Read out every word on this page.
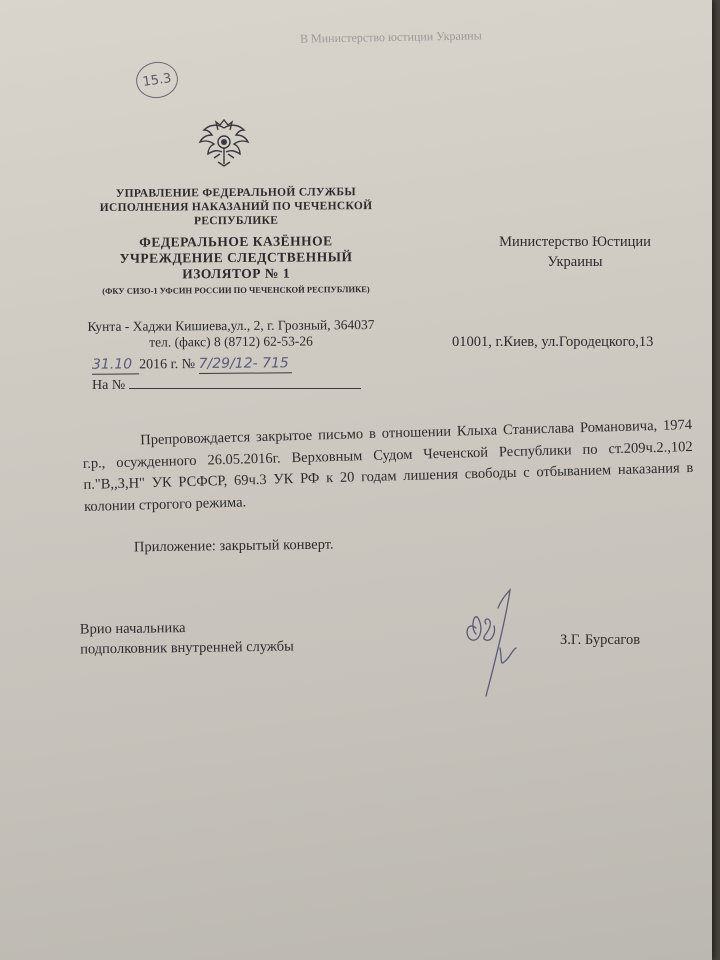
В Министерство юстиции Украины
15.3
УПРАВЛЕНИЕ ФЕДЕРАЛЬНОЙ СЛУЖБЫ ИСПОЛНЕНИЯ НАКАЗАНИЙ ПО ЧЕЧЕНСКОЙ РЕСПУБЛИКЕ
ФЕДЕРАЛЬНОЕ КАЗЁННОЕ УЧРЕЖДЕНИЕ СЛЕДСТВЕННЫЙ ИЗОЛЯТОР № 1
(ФКУ СИЗО-1 УФСИН РОССИИ ПО ЧЕЧЕНСКОЙ РЕСПУБЛИКЕ)
Кунта - Хаджи Кишиева,ул., 2, г. Грозный, 364037 тел. (факс) 8 (8712) 62-53-26
31.10 2016 г. № 7/29/12- 715
На №
Министерство Юстиции Украины
01001, г.Киев, ул.Городецкого,13
Препровождается закрытое письмо в отношении Клыха Станислава Романовича, 1974 г.р., осужденного 26.05.2016г. Верховным Судом Чеченской Республики по ст.209ч.2.,102 п."В,,З,Н" УК РСФСР, 69ч.3 УК РФ к 20 годам лишения свободы с отбыванием наказания в колонии строгого режима.
Приложение: закрытый конверт.
Врио начальника
подполковник внутренней службы	З.Г. Бурсагов
